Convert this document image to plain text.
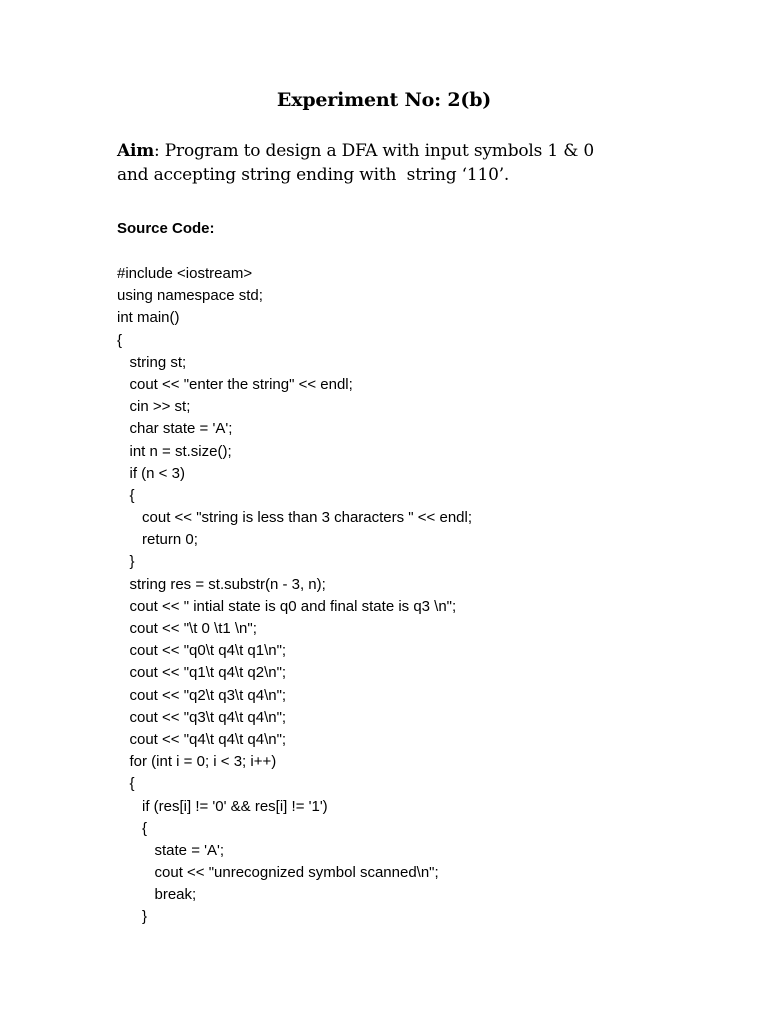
Experiment No: 2(b)
Aim: Program to design a DFA with input symbols 1 & 0
and accepting string ending with  string ‘110’.
Source Code:
#include <iostream>
using namespace std;
int main()
{
string st;
cout << "enter the string" << endl;
cin >> st;
char state = 'A';
int n = st.size();
if (n < 3)
{
cout << "string is less than 3 characters " << endl;
return 0;
}
string res = st.substr(n - 3, n);
cout << " intial state is q0 and final state is q3 \n";
cout << "\t 0 \t1 \n";
cout << "q0\t q4\t q1\n";
cout << "q1\t q4\t q2\n";
cout << "q2\t q3\t q4\n";
cout << "q3\t q4\t q4\n";
cout << "q4\t q4\t q4\n";
for (int i = 0; i < 3; i++)
{
if (res[i] != '0' && res[i] != '1')
{
state = 'A';
cout << "unrecognized symbol scanned\n";
break;
}
